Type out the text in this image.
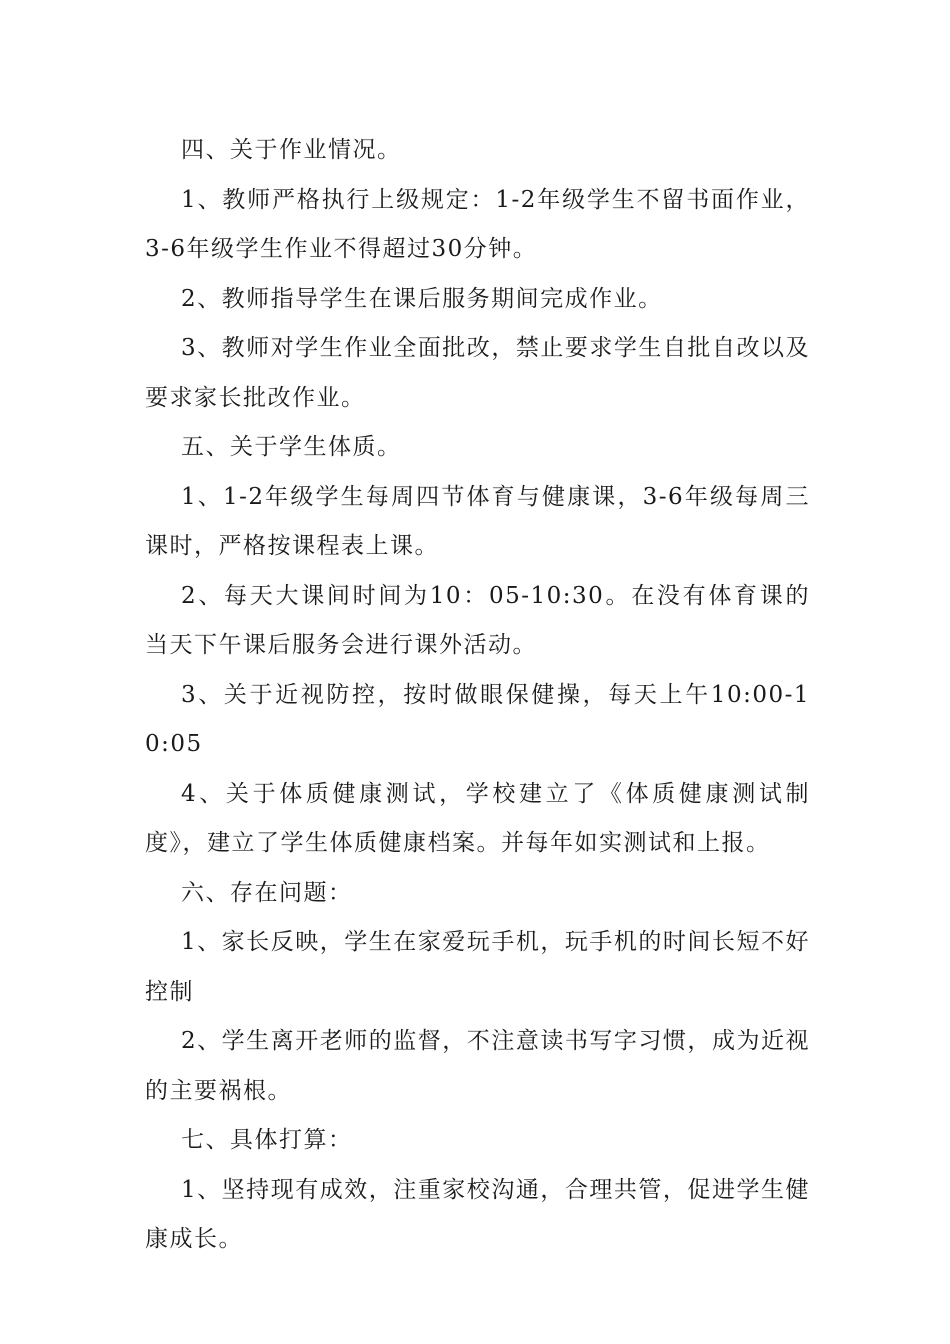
四、关于作业情况。

1、教师严格执行上级规定：1-2年级学生不留书面作业，3-6年级学生作业不得超过30分钟。

2、教师指导学生在课后服务期间完成作业。

3、教师对学生作业全面批改，禁止要求学生自批自改以及要求家长批改作业。

五、关于学生体质。

1、1-2年级学生每周四节体育与健康课，3-6年级每周三课时，严格按课程表上课。

2、每天大课间时间为10：05-10:30。在没有体育课的当天下午课后服务会进行课外活动。

3、关于近视防控，按时做眼保健操，每天上午10:00-10:05

4、关于体质健康测试，学校建立了《体质健康测试制度》，建立了学生体质健康档案。并每年如实测试和上报。

六、存在问题：

1、家长反映，学生在家爱玩手机，玩手机的时间长短不好控制

2、学生离开老师的监督，不注意读书写字习惯，成为近视的主要祸根。

七、具体打算：

1、坚持现有成效，注重家校沟通，合理共管，促进学生健康成长。
